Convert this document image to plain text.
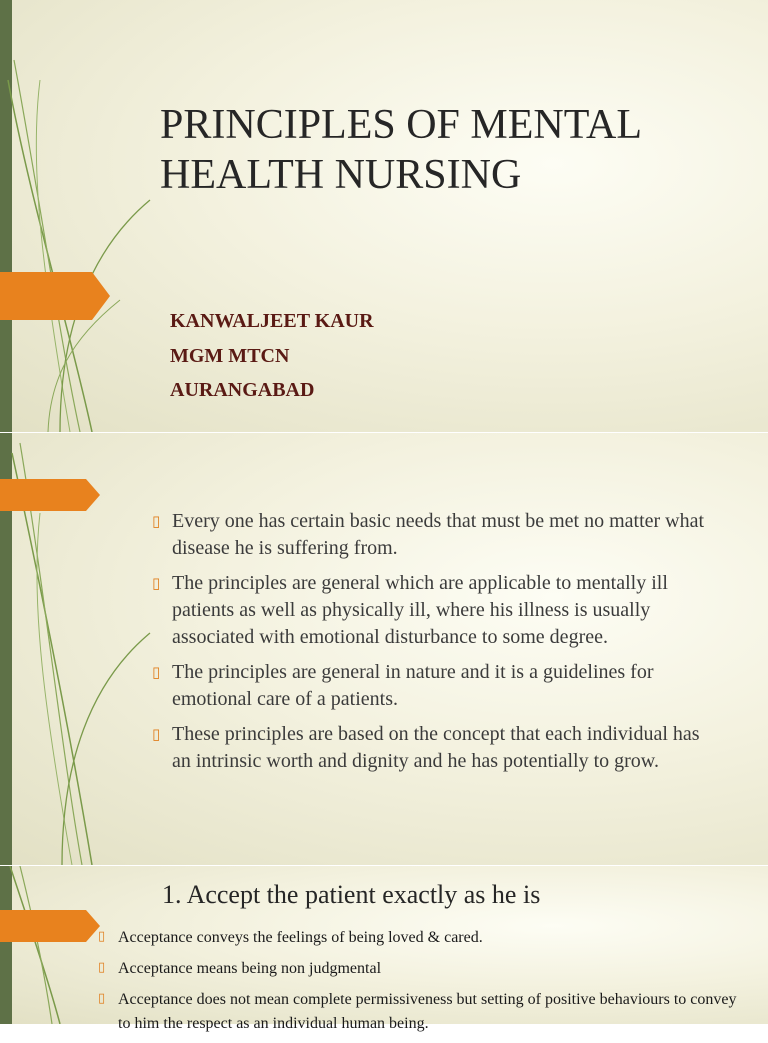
PRINCIPLES OF MENTAL HEALTH NURSING
KANWALJEET KAUR
MGM MTCN
AURANGABAD
▯ Every one has certain basic needs that must be met no matter what disease he is suffering from.
▯ The principles are general which are applicable to mentally ill patients as well as physically ill, where his illness is usually associated with emotional disturbance to some degree.
▯ The principles are general in nature and it is a guidelines for emotional care of a patients.
▯ These principles are based on the concept that each individual has an intrinsic worth and dignity and he has potentially to grow.
1. Accept the patient exactly as he is
▯ Acceptance conveys the feelings of being loved & cared.
▯ Acceptance means being non judgmental
▯ Acceptance does not mean complete permissiveness but setting of positive behaviours to convey to him the respect as an individual human being.
